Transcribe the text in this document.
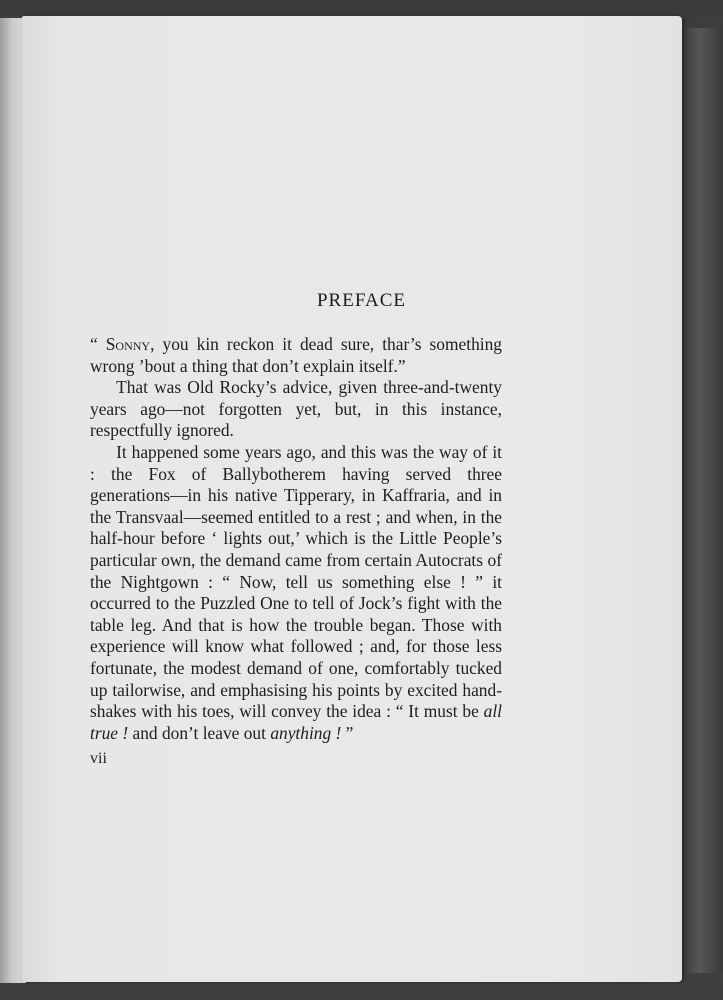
PREFACE

“ Sonny, you kin reckon it dead sure, thar’s something wrong ’bout a thing that don’t explain itself.”

That was Old Rocky’s advice, given three-and-twenty years ago—not forgotten yet, but, in this instance, respectfully ignored.

It happened some years ago, and this was the way of it : the Fox of Ballybotherem having served three generations—in his native Tipperary, in Kaffraria, and in the Transvaal—seemed entitled to a rest ; and when, in the half-hour before ‘ lights out,’ which is the Little People’s particular own, the demand came from certain Autocrats of the Nightgown : “ Now, tell us something else ! ” it occurred to the Puzzled One to tell of Jock’s fight with the table leg. And that is how the trouble began. Those with experience will know what followed ; and, for those less fortunate, the modest demand of one, comfortably tucked up tailorwise, and emphasising his points by excited hand-shakes with his toes, will convey the idea : “ It must be all true ! and don’t leave out anything ! ”

vii
